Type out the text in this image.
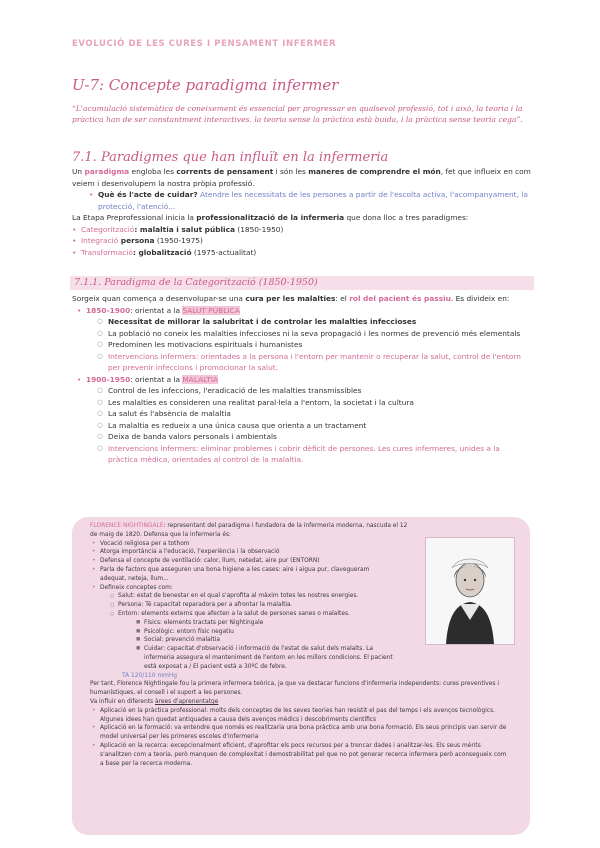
EVOLUCIÓ DE LES CURES I PENSAMENT INFERMER
U-7: Concepte paradigma infermer
“L'acumulació sistemàtica de coneixement és essencial per progressar en qualsevol professió, tot i això, la teoria i la pràctica han de ser constantment interactives. la teoria sense la pràctica està buida, i la pràctica sense teoria cega”.
7.1. Paradigmes que han influït en la infermeria
Un paradigma engloba les corrents de pensament i són les maneres de comprendre el món, fet que influeix en com veiem i desenvolupem la nostra pròpia professió.
• Què és l'acte de cuidar? Atendre les necessitats de les persones a partir de l'escolta activa, l'acompanyament, la protecció, l'atenció...
La Etapa Preprofessional inicia la professionalització de la infermeria que dona lloc a tres paradigmes:
• Categorització: malaltia i salut pública (1850-1950)
• Integració persona (1950-1975)
• Transformació: globalització (1975-actualitat)
7.1.1. Paradigma de la Categorització (1850-1950)
Sorgeix quan comença a desenvolupar-se una cura per les malalties: el rol del pacient és passiu. Es divideix en:
• 1850-1900: orientat a la SALUT PÚBLICA
○ Necessitat de millorar la salubritat i de controlar les malalties infeccioses
○ La població no coneix les malalties infeccioses ni la seva propagació i les normes de prevenció més elementals
○ Predominen les motivacions espirituals i humanistes
○ Intervencions infermers: orientades a la persona i l'entorn per mantenir o recuperar la salut, control de l'entorn per prevenir infeccions i promocionar la salut.
• 1900-1950: orientat a la MALALTIA
○ Control de les infeccions, l'eradicació de les malalties transmissibles
○ Les malalties es consideren una realitat paral·lela a l'entorn, la societat i la cultura
○ La salut és l'absència de malaltia
○ La malaltia es redueix a una única causa que orienta a un tractament
○ Deixa de banda valors personals i ambientals
○ Intervencions infermers: eliminar problemes i cobrir dèficit de persones. Les cures infermeres, unides a la pràctica mèdica, orientades al control de la malaltia.
FLORENCE NIGHTINGALE: representant del paradigma i fundadora de la infermeria moderna, nascuda el 12 de maig de 1820. Defensa que la infermeria és:
• Vocació religiosa per a tothom
• Atorga importància a l'educació, l'experiència i la observació
• Defensa el concepte de ventilació: calor, llum, netedat, aire pur (ENTORN)
• Parla de factors que asseguren una bona higiene a les cases: aire i aigua pur, clavegueram adequat, neteja, llum...
• Defineix conceptes com:
○ Salut: estat de benestar en el qual s'aprofita al màxim totes les nostres energies.
○ Persona: Té capacitat reparadora per a afrontar la malaltia.
○ Entorn: elements externs que afecten a la salut de persones sanes o malaltes.
■ Físics: elements tractats per Nightingale
■ Psicològic: entorn físic negatiu
■ Social: prevenció malaltia
■ Cuidar: capacitat d'observació i informació de l'estat de salut dels malalts. La infermeria assegura el manteniment de l'entorn en les millors condicions. El pacient està exposat a / El pacient està a 30ºC de febre.
TA 120/110 mmHg
Per tant, Florence Nightingale fou la primera infermera teòrica, ja que va destacar funcions d'infermeria independents: cures preventives i humanístiques, el consell i el suport a les persones.
Va influir en diferents àrees d'aprenentatge
• Aplicació en la pràctica professional: molts dels conceptes de les seves teories han resistit el pas del temps i els avenços tecnològics. Algunes idees han quedat antiquades a causa dels avenços mèdics i descobriments científics
• Aplicació en la formació: va entendre que només es realitzaria una bona pràctica amb una bona formació. Els seus principis van servir de model universal per les primeres escoles d'infermeria
• Aplicació en la recerca: excepcionalment eficient, d'aprofitar els pocs recursos per a trencar dades i analitzar-les. Els seus mèrits s'analitzen com a teoria, però manquen de complexitat i demostrabilitat pel que no pot generar recerca infermera però aconsegueix com a base per la recerca moderna.
